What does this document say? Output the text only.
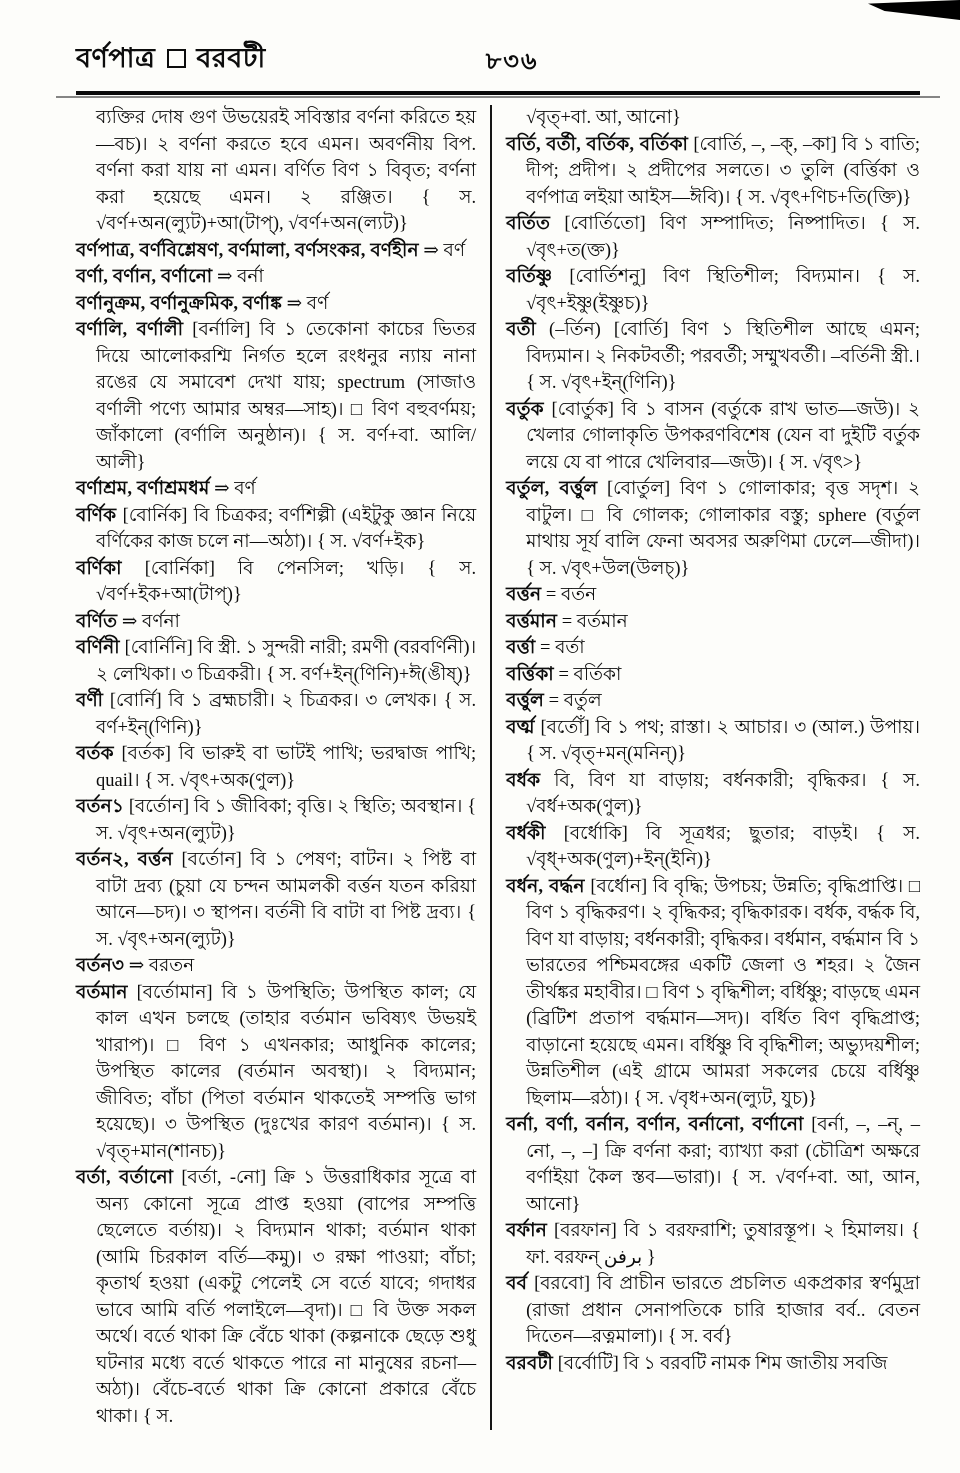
বর্ণপাত্র বরবটী	৮৩৬
ব্যক্তির দোষ গুণ উভয়েরই সবিস্তার বর্ণনা করিতে হয়—বচ)। ২ বর্ণনা করতে হবে এমন। অবর্ণনীয় বিপ. বর্ণনা করা যায় না এমন। বর্ণিত বিণ ১ বিবৃত; বর্ণনা করা হয়েছে এমন। ২ রঞ্জিত। { স. √বর্ণ+অন(ল্যুট)+আ(টাপ্), √বর্ণ+অন(ল্যট)}
বর্ণপাত্র, বর্ণবিশ্লেষণ, বর্ণমালা, বর্ণসংকর, বর্ণহীন ⇒ বর্ণ
বর্ণা, বর্ণান, বর্ণানো ⇒ বর্না
বর্ণানুক্রম, বর্ণানুক্রমিক, বর্ণাঙ্ক ⇒ বর্ণ
বর্ণালি, বর্ণালী [বর্নালি] বি ১ তেকোনা কাচের ভিতর দিয়ে আলোকরশ্মি নির্গত হলে রংধনুর ন্যায় নানা রঙের যে সমাবেশ দেখা যায়; spectrum (সাজাও বর্ণালী পণ্যে আমার অম্বর—সাহ)। □ বিণ বহুবর্ণময়; জাঁকালো (বর্ণালি অনুষ্ঠান)। { স. বর্ণ+বা. আলি/আলী}
বর্ণাশ্রম, বর্ণাশ্রমধর্ম ⇒ বর্ণ
বর্ণিক [বোর্নিক] বি চিত্রকর; বর্ণশিল্পী (এইটুকু জ্ঞান নিয়ে বর্ণিকের কাজ চলে না—অঠা)। { স. √বর্ণ+ইক}
বর্ণিকা [বোর্নিকা] বি পেনসিল; খড়ি। { স. √বর্ণ+ইক+আ(টাপ্)}
বর্ণিত ⇒ বর্ণনা
বর্ণিনী [বোর্নিনি] বি স্ত্রী. ১ সুন্দরী নারী; রমণী (বরবর্ণিনী)। ২ লেখিকা। ৩ চিত্রকরী। { স. বর্ণ+ইন্(ণিনি)+ঈ(ঙীষ্)}
বর্ণী [বোর্নি] বি ১ ব্রহ্মচারী। ২ চিত্রকর। ৩ লেখক। { স. বর্ণ+ইন্(ণিনি)}
বর্তক [বর্তক] বি ভারুই বা ভাটই পাখি; ভরদ্বাজ পাখি; quail। { স. √বৃৎ+অক(ণুল)}
বর্তন১ [বর্তোন] বি ১ জীবিকা; বৃত্তি। ২ স্থিতি; অবস্থান। { স. √বৃৎ+অন(ল্যুট)}
বর্তন২, বর্ত্তন [বর্তোন] বি ১ পেষণ; বাটন। ২ পিষ্ট বা বাটা দ্রব্য (চুয়া যে চন্দন আমলকী বর্ত্তন যতন করিয়া আনে—চদ)। ৩ স্থাপন। বর্তনী বি বাটা বা পিষ্ট দ্রব্য। { স. √বৃৎ+অন(ল্যুট)}
বর্তন৩ ⇒ বরতন
বর্তমান [বর্তোমান] বি ১ উপস্থিতি; উপস্থিত কাল; যে কাল এখন চলছে (তাহার বর্তমান ভবিষ্যৎ উভয়ই খারাপ)। □ বিণ ১ এখনকার; আধুনিক কালের; উপস্থিত কালের (বর্তমান অবস্থা)। ২ বিদ্যমান; জীবিত; বাঁচা (পিতা বর্তমান থাকতেই সম্পত্তি ভাগ হয়েছে)। ৩ উপস্থিত (দুঃখের কারণ বর্তমান)। { স. √বৃত্+মান(শানচ)}
বর্তা, বর্তানো [বর্তা, -নো] ক্রি ১ উত্তরাধিকার সূত্রে বা অন্য কোনো সূত্রে প্রাপ্ত হওয়া (বাপের সম্পত্তি ছেলেতে বর্তায়)। ২ বিদ্যমান থাকা; বর্তমান থাকা (আমি চিরকাল বর্তি—কমু)। ৩ রক্ষা পাওয়া; বাঁচা; কৃতার্থ হওয়া (একটু পেলেই সে বর্তে যাবে; গদাধর ভাবে আমি বর্তি পলাইলে—বৃদা)। □ বি উক্ত সকল অর্থে। বর্তে থাকা ক্রি বেঁচে থাকা (কল্পনাকে ছেড়ে শুধু ঘটনার মধ্যে বর্তে থাকতে পারে না মানুষের রচনা—অঠা)। বেঁচে-বর্তে থাকা ক্রি কোনো প্রকারে বেঁচে থাকা। { স.
√বৃত্+বা. আ, আনো}
বর্তি, বর্তী, বর্তিক, বর্তিকা [বোর্তি, –, –ক্, –কা] বি ১ বাতি; দীপ; প্রদীপ। ২ প্রদীপের সলতে। ৩ তুলি (বর্ত্তিকা ও বর্ণপাত্র লইয়া আইস—ঈবি)। { স. √বৃৎ+ণিচ+তি(ক্তি)}
বর্তিত [বোর্তিতো] বিণ সম্পাদিত; নিষ্পাদিত। { স. √বৃৎ+ত(ক্ত)}
বর্তিষ্ণু [বোর্তিশনু] বিণ স্থিতিশীল; বিদ্যমান। { স. √বৃৎ+ইষ্ণু(ইষ্ণুচ)}
বর্তী (–র্তিন) [বোর্তি] বিণ ১ স্থিতিশীল আছে এমন; বিদ্যমান। ২ নিকটবর্তী; পরবর্তী; সম্মুখবর্তী। –বর্তিনী স্ত্রী.। { স. √বৃৎ+ইন্(ণিনি)}
বর্তুক [বোর্তুক] বি ১ বাসন (বর্তুকে রাখ ভাত—জউ)। ২ খেলার গোলাকৃতি উপকরণবিশেষ (যেন বা দুইটি বর্তুক লয়ে যে বা পারে খেলিবার—জউ)। { স. √বৃৎ>}
বর্তুল, বর্ত্তুল [বোর্তুল] বিণ ১ গোলাকার; বৃত্ত সদৃশ। ২ বাটুল। □ বি গোলক; গোলাকার বস্তু; sphere (বর্তুল মাথায় সূর্য বালি ফেনা অবসর অরুণিমা ঢেলে—জীদা)। { স. √বৃৎ+উল(উলচ্)}
বর্ত্তন = বর্তন
বর্ত্তমান = বর্তমান
বর্ত্তা = বর্তা
বর্ত্তিকা = বর্তিকা
বর্ত্তুল = বর্তুল
বর্ত্ম [বর্তোঁ] বি ১ পথ; রাস্তা। ২ আচার। ৩ (আল.) উপায়। { স. √বৃত্+মন্(মনিন্)}
বর্ধক বি, বিণ যা বাড়ায়; বর্ধনকারী; বৃদ্ধিকর। { স. √বর্ধ+অক(ণুল)}
বর্ধকী [বর্ধোকি] বি সূত্রধর; ছুতার; বাড়ই। { স. √বৃধ্+অক(ণুল)+ইন্(ইনি)}
বর্ধন, বর্দ্ধন [বর্ধোন] বি বৃদ্ধি; উপচয়; উন্নতি; বৃদ্ধিপ্রাপ্তি। □ বিণ ১ বৃদ্ধিকরণ। ২ বৃদ্ধিকর; বৃদ্ধিকারক। বর্ধক, বর্দ্ধক বি, বিণ যা বাড়ায়; বর্ধনকারী; বৃদ্ধিকর। বর্ধমান, বর্দ্ধমান বি ১ ভারতের পশ্চিমবঙ্গের একটি জেলা ও শহর। ২ জৈন তীর্থঙ্কর মহাবীর। □ বিণ ১ বৃদ্ধিশীল; বর্ধিষ্ণু; বাড়ছে এমন (ব্রিটিশ প্রতাপ বর্দ্ধমান—সদ)। বর্ধিত বিণ বৃদ্ধিপ্রাপ্ত; বাড়ানো হয়েছে এমন। বর্ধিষ্ণু বি বৃদ্ধিশীল; অভ্যুদয়শীল; উন্নতিশীল (এই গ্রামে আমরা সকলের চেয়ে বর্ধিষ্ণু ছিলাম—রঠা)। { স. √বৃধ+অন(ল্যুট, যুচ)}
বর্না, বর্ণা, বর্নান, বর্ণান, বর্নানো, বর্ণানো [বর্না, –, –ন্, –নো, –, –] ক্রি বর্ণনা করা; ব্যাখ্যা করা (চৌত্রিশ অক্ষরে বর্ণাইয়া কৈল স্তব—ভারা)। { স. √বর্ণ+বা. আ, আন, আনো}
বর্ফান [বরফান] বি ১ বরফরাশি; তুষারস্তূপ। ২ হিমালয়। { ফা. বরফন্ برفن }
বর্ব [বরবো] বি প্রাচীন ভারতে প্রচলিত একপ্রকার স্বর্ণমুদ্রা (রাজা প্রধান সেনাপতিকে চারি হাজার বর্ব.. বেতন দিতেন—রত্নমালা)। { স. বর্ব}
বরবটী [বর্বোটি] বি ১ বরবটি নামক শিম জাতীয় সবজি
